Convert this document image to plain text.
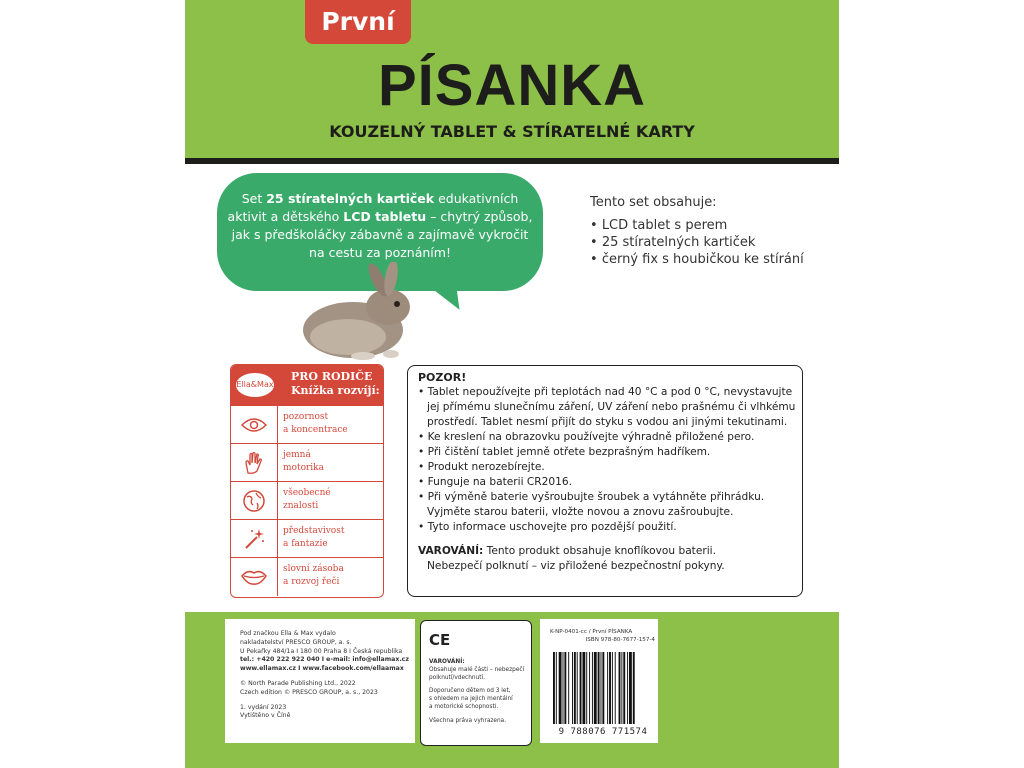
První
PÍSANKA
KOUZELNÝ TABLET & STÍRATELNÉ KARTY
Set 25 stíratelných kartiček edukativních aktivit a dětského LCD tabletu – chytrý způsob, jak s předškoláčky zábavně a zajímavě vykročit na cestu za poznáním!
Tento set obsahuje:
• LCD tablet s perem
• 25 stíratelných kartiček
• černý fix s houbičkou ke stírání
Ella&Max
PRO RODIČE
Knížka rozvíjí:
pozornost
a koncentrace
jemná
motorika
všeobecné
znalosti
představivost
a fantazie
slovní zásoba
a rozvoj řeči
POZOR!
• Tablet nepoužívejte při teplotách nad 40 °C a pod 0 °C, nevystavujte jej přímému slunečnímu záření, UV záření nebo prašnému či vlhkému prostředí. Tablet nesmí přijít do styku s vodou ani jinými tekutinami.
• Ke kreslení na obrazovku používejte výhradně přiložené pero.
• Při čištění tablet jemně otřete bezprašným hadříkem.
• Produkt nerozebírejte.
• Funguje na baterii CR2016.
• Při výměně baterie vyšroubujte šroubek a vytáhněte přihrádku. Vyjměte starou baterii, vložte novou a znovu zašroubujte.
• Tyto informace uschovejte pro pozdější použití.
VAROVÁNÍ: Tento produkt obsahuje knoflíkovou baterii.
Nebezpečí polknutí – viz přiložené bezpečnostní pokyny.
Pod značkou Ella & Max vydalo
nakladatelství PRESCO GROUP, a. s.
U Pekařky 484/1a I 180 00 Praha 8 I Česká republika
tel.: +420 222 922 040 I e-mail: info@ellamax.cz
www.ellamax.cz I www.facebook.com/ellaamax
© North Parade Publishing Ltd., 2022
Czech edition © PRESCO GROUP, a. s., 2023
1. vydání 2023
Vytištěno v Číně
CE
VAROVÁNÍ:
Obsahuje malé části – nebezpečí
polknutí/vdechnutí.
Doporučeno dětem od 3 let,
s ohledem na jejich mentální
a motorické schopnosti.
Všechna práva vyhrazena.
K-NP-0401-cc / První PÍSANKA
ISBN 978-80-7677-157-4
9 788076 771574
